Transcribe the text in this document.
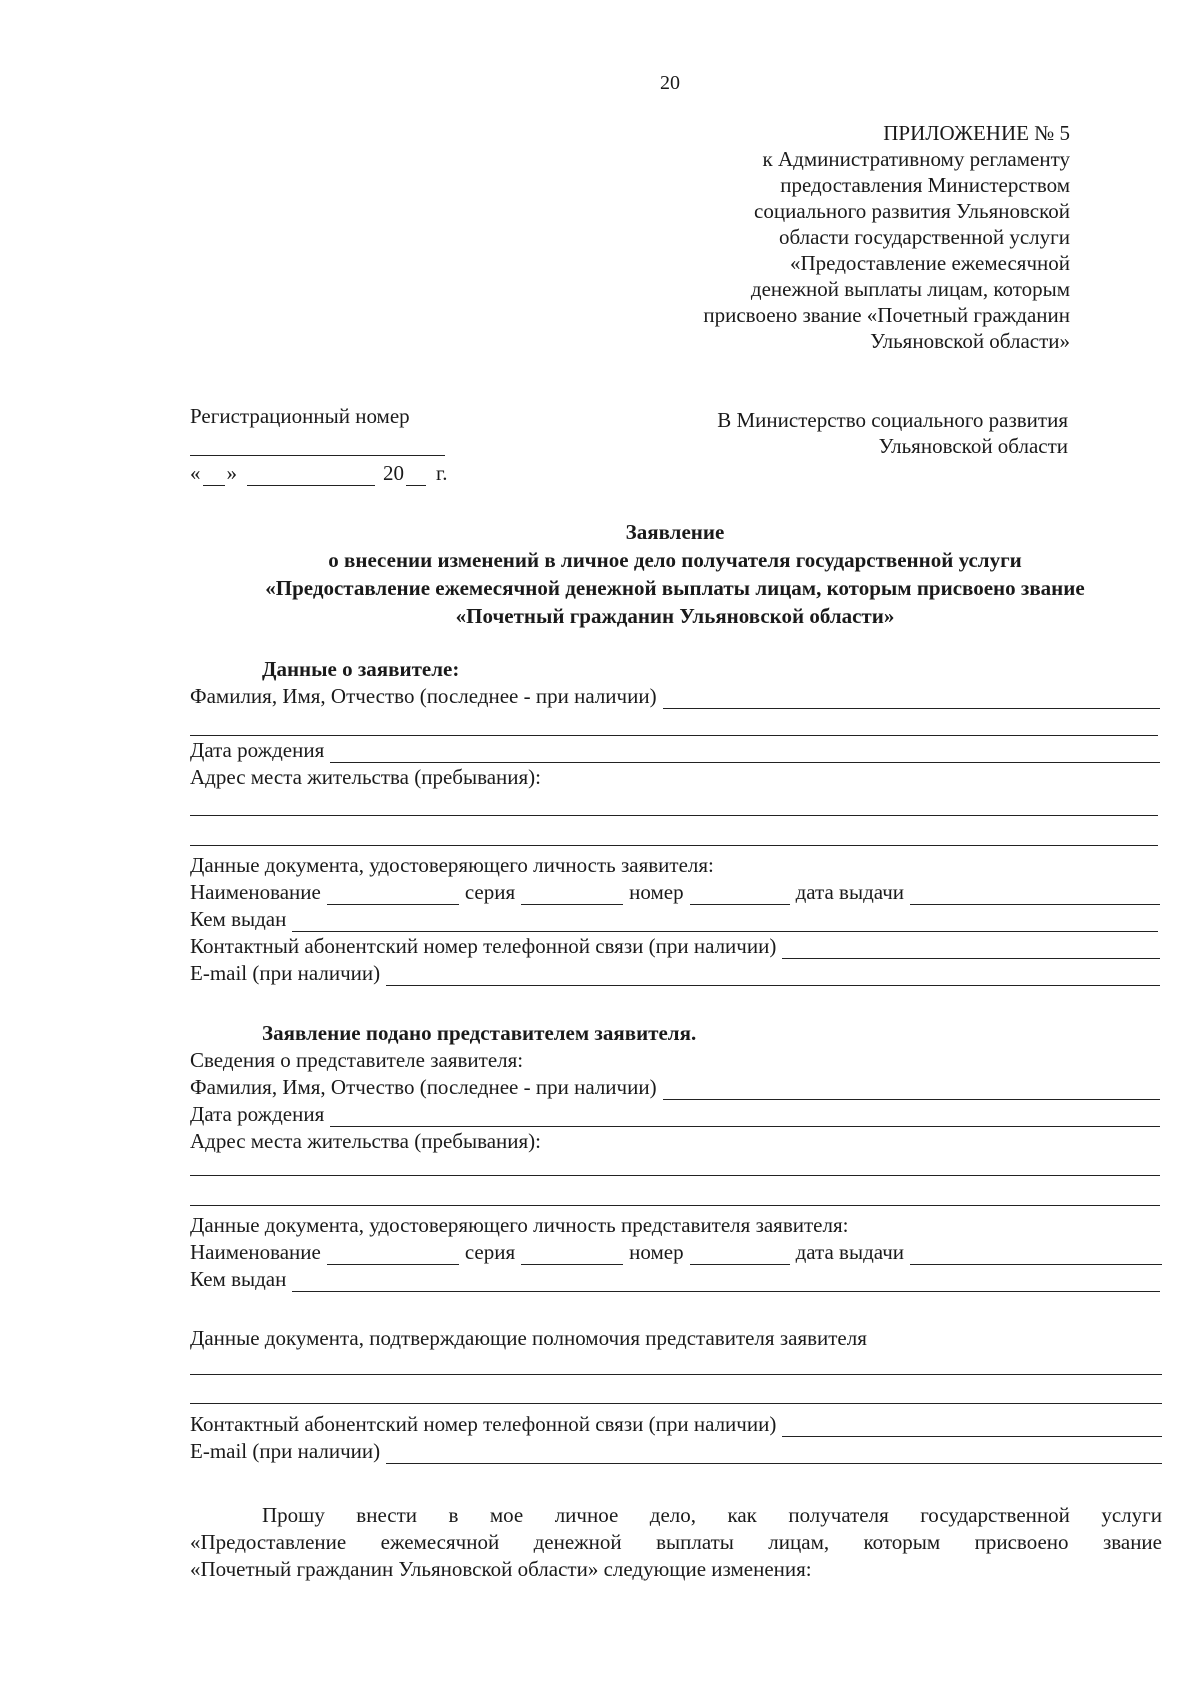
20
ПРИЛОЖЕНИЕ № 5
к Административному регламенту
предоставления Министерством
социального развития Ульяновской
области государственной услуги
«Предоставление ежемесячной
денежной выплаты лицам, которым
присвоено звание «Почетный гражданин
Ульяновской области»
Регистрационный номер
« »	20 г.
В Министерство социального развития
Ульяновской области
Заявление
о внесении изменений в личное дело получателя государственной услуги
«Предоставление ежемесячной денежной выплаты лицам, которым присвоено звание
«Почетный гражданин Ульяновской области»
Данные о заявителе:
Фамилия, Имя, Отчество (последнее - при наличии)
Дата рождения
Адрес места жительства (пребывания):
Данные документа, удостоверяющего личность заявителя:
Наименование	серия	номер	дата выдачи
Кем выдан
Контактный абонентский номер телефонной связи (при наличии)
E-mail (при наличии)
Заявление подано представителем заявителя.
Сведения о представителе заявителя:
Фамилия, Имя, Отчество (последнее - при наличии)
Дата рождения
Адрес места жительства (пребывания):
Данные документа, удостоверяющего личность представителя заявителя:
Наименование	серия	номер	дата выдачи
Кем выдан
Данные документа, подтверждающие полномочия представителя заявителя
Контактный абонентский номер телефонной связи (при наличии)
E-mail (при наличии)
Прошу внести в мое личное дело, как получателя государственной услуги
«Предоставление ежемесячной денежной выплаты лицам, которым присвоено звание
«Почетный гражданин Ульяновской области» следующие изменения:
